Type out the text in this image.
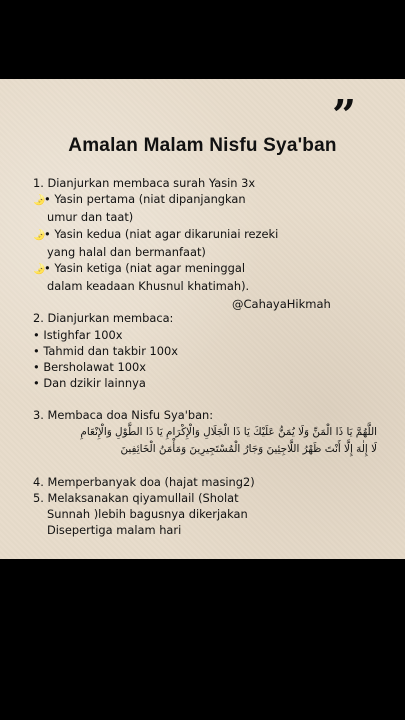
”
Amalan Malam Nisfu Sya'ban
@CahayaHikmah
1. Dianjurkan membaca surah Yasin 3x
🌛• Yasin pertama (niat dipanjangkan
umur dan taat)
🌛• Yasin kedua (niat agar dikaruniai rezeki
yang halal dan bermanfaat)
🌛• Yasin ketiga (niat agar meninggal
dalam keadaan Khusnul khatimah).
2. Dianjurkan membaca:
• Istighfar 100x
• Tahmid dan takbir 100x
• Bersholawat 100x
• Dan dzikir lainnya
3. Membaca doa Nisfu Sya'ban:
اللَّهُمَّ يَا ذَا الْمَنِّ وَلَا يُمَنُّ عَلَيْكَ يَا ذَا الْجَلَالِ وَالْإِكْرَامِ يَا ذَا الطَّوْلِ وَالْإِنْعَامِ
لَا إِلٰهَ إِلَّا أَنْتَ ظَهْرُ اللَّاجِئِينَ وَجَارُ الْمُسْتَجِيرِينَ وَمَأْمَنُ الْخَائِفِينَ
4. Memperbanyak doa (hajat masing2)
5. Melaksanakan qiyamullail (Sholat
Sunnah )lebih bagusnya dikerjakan
Disepertiga malam hari
